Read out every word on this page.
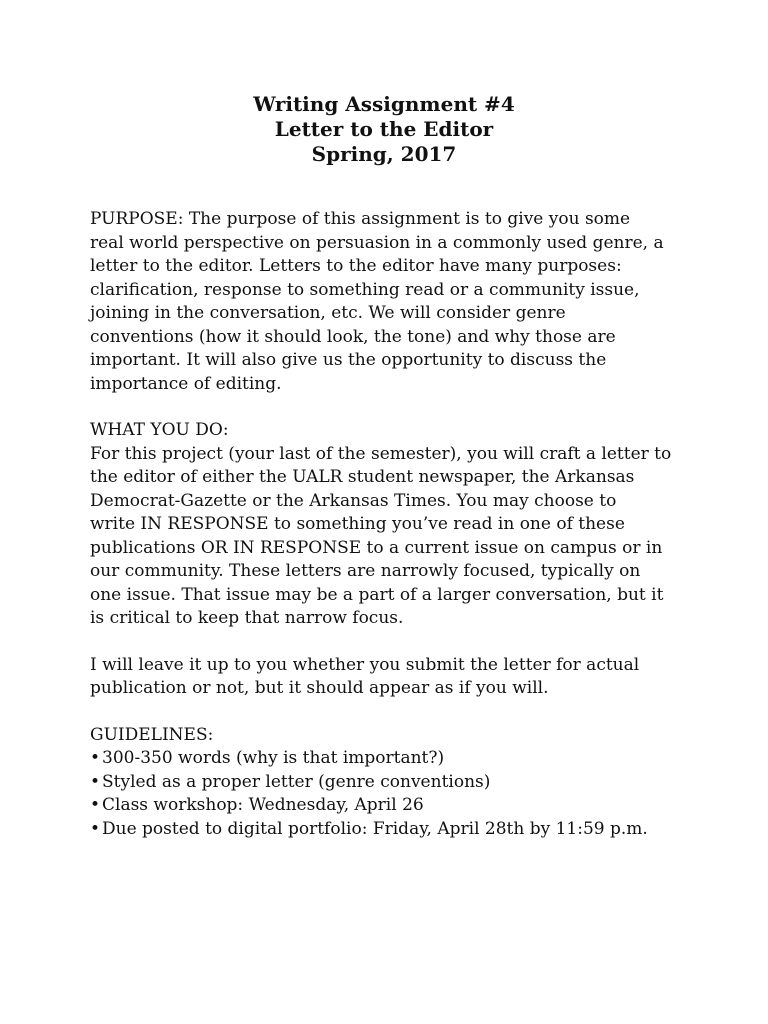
Writing Assignment #4
Letter to the Editor
Spring, 2017

PURPOSE: The purpose of this assignment is to give you some
real world perspective on persuasion in a commonly used genre, a
letter to the editor. Letters to the editor have many purposes:
clarification, response to something read or a community issue,
joining in the conversation, etc. We will consider genre
conventions (how it should look, the tone) and why those are
important. It will also give us the opportunity to discuss the
importance of editing.

WHAT YOU DO:
For this project (your last of the semester), you will craft a letter to
the editor of either the UALR student newspaper, the Arkansas
Democrat-Gazette or the Arkansas Times. You may choose to
write IN RESPONSE to something you’ve read in one of these
publications OR IN RESPONSE to a current issue on campus or in
our community. These letters are narrowly focused, typically on
one issue. That issue may be a part of a larger conversation, but it
is critical to keep that narrow focus.

I will leave it up to you whether you submit the letter for actual
publication or not, but it should appear as if you will.

GUIDELINES:
• 300-350 words (why is that important?)
• Styled as a proper letter (genre conventions)
• Class workshop: Wednesday, April 26
• Due posted to digital portfolio: Friday, April 28th by 11:59 p.m.
